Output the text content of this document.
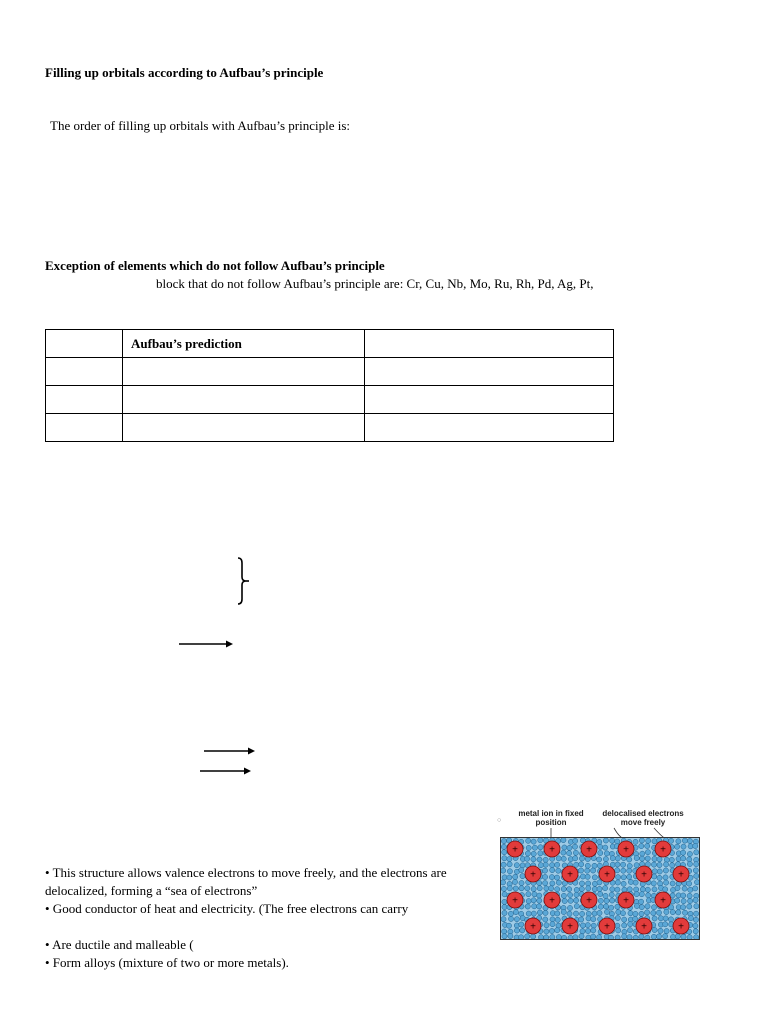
Filling up orbitals according to Aufbau’s principle
The order of filling up orbitals with Aufbau’s principle is:
Exception of elements which do not follow Aufbau’s principle
block that do not follow Aufbau’s principle are: Cr, Cu, Nb, Mo, Ru, Rh, Pd, Ag, Pt,
	Aufbau’s prediction	

○
metal ion in fixed position
delocalised electrons move freely
+	+	+	+	+
+	+	+	+	+
+	+	+	+	+
+	+	+	+	+

• This structure allows valence electrons to move freely, and the electrons are

delocalized, forming a “sea of electrons”

• Good conductor of heat and electricity. (The free electrons can carry

• Are ductile and malleable (

• Form alloys (mixture of two or more metals).
